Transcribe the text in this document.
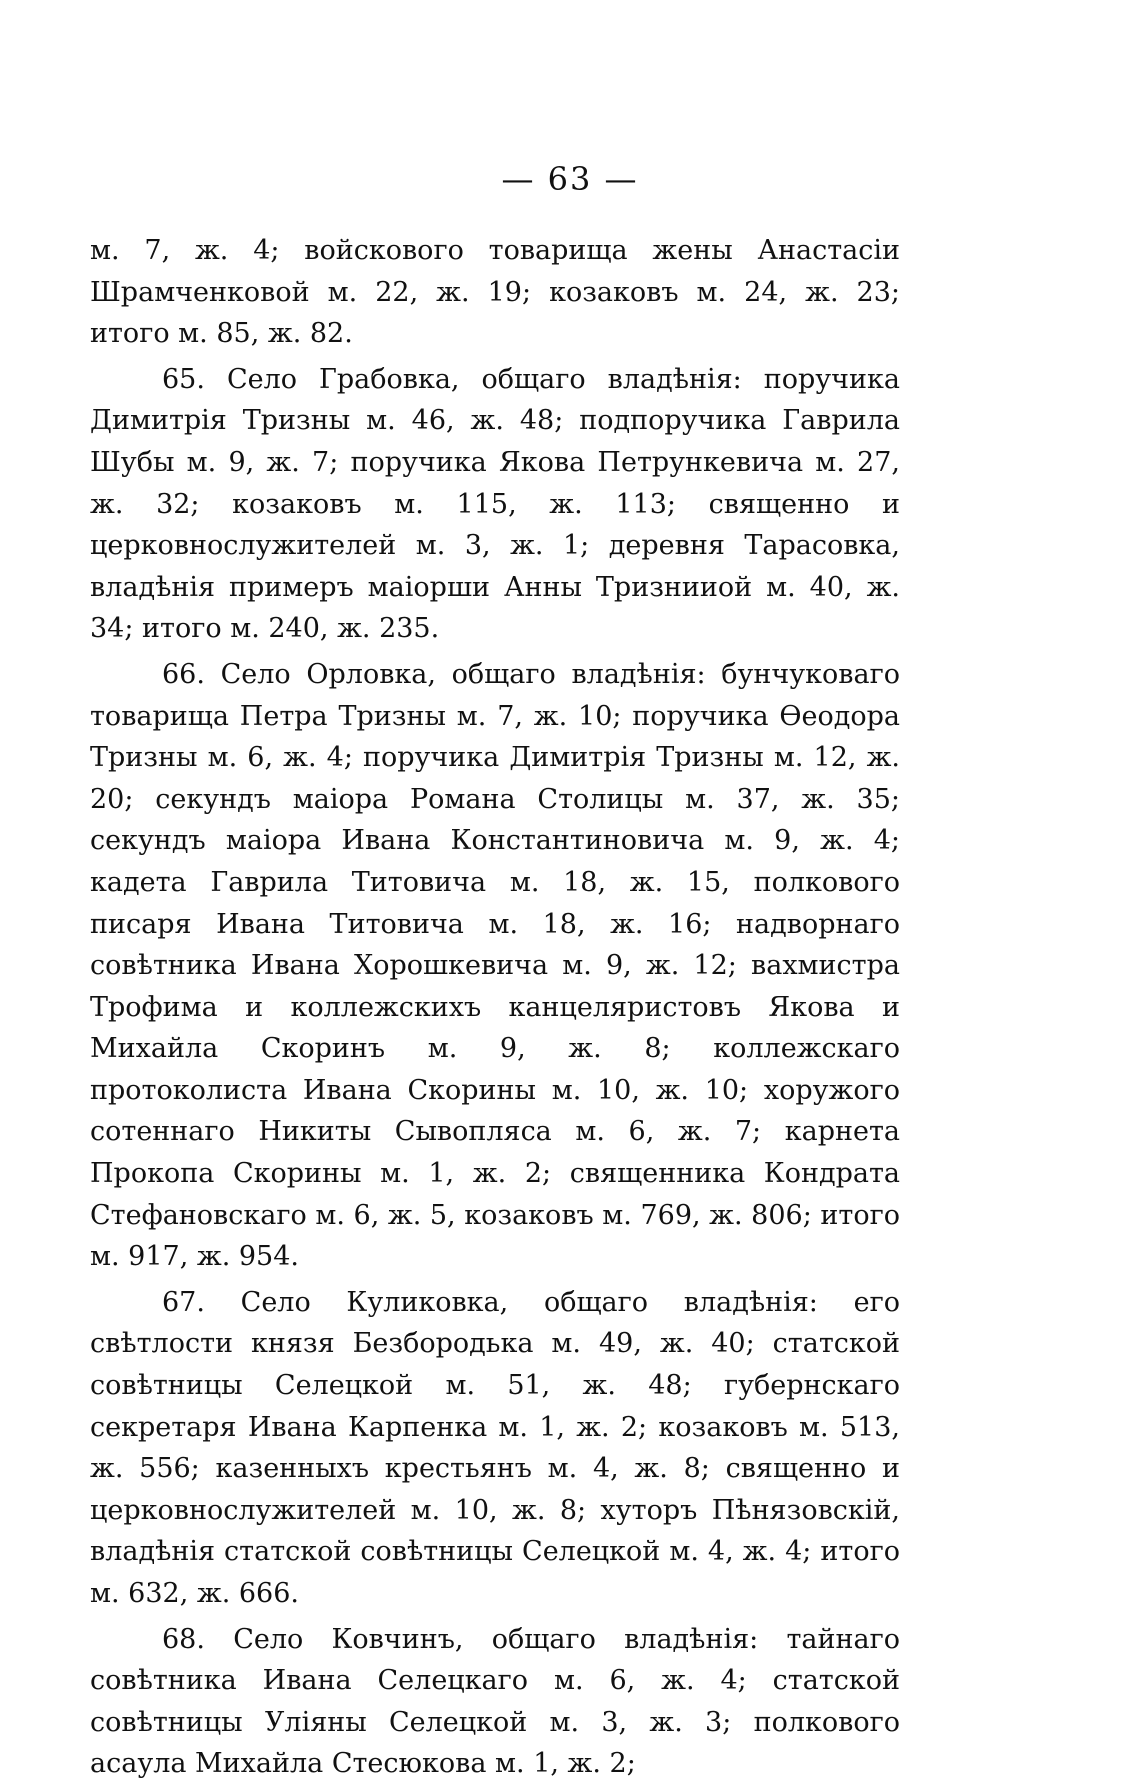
— 63 —

м. 7, ж. 4; войскового товарища жены Анастасіи Шрамченковой м. 22, ж. 19; козаковъ м. 24, ж. 23; итого м. 85, ж. 82.

65. Село Грабовка, общаго владѣнія: поручика Димитрія Тризны м. 46, ж. 48; подпоручика Гаврила Шубы м. 9, ж. 7; поручика Якова Петрункевича м. 27, ж. 32; козаковъ м. 115, ж. 113; священно и церковнослужителей м. 3, ж. 1; деревня Тарасовка, владѣнія примеръ маіорши Анны Тризнииой м. 40, ж. 34; итого м. 240, ж. 235.

66. Село Орловка, общаго владѣнія: бунчуковаго товарища Петра Тризны м. 7, ж. 10; поручика Ѳеодора Тризны м. 6, ж. 4; поручика Димитрія Тризны м. 12, ж. 20; секундъ маіора Романа Столицы м. 37, ж. 35; секундъ маіора Ивана Константиновича м. 9, ж. 4; кадета Гаврила Титовича м. 18, ж. 15, полкового писаря Ивана Титовича м. 18, ж. 16; надворнаго совѣтника Ивана Хорошкевича м. 9, ж. 12; вахмистра Трофима и коллежскихъ канцеляристовъ Якова и Михайла Скоринъ м. 9, ж. 8; коллежскаго протоколиста Ивана Скорины м. 10, ж. 10; хоружого сотеннаго Никиты Сывопляса м. 6, ж. 7; карнета Прокопа Скорины м. 1, ж. 2; священника Кондрата Стефановскаго м. 6, ж. 5, козаковъ м. 769, ж. 806; итого м. 917, ж. 954.

67. Село Куликовка, общаго владѣнія: его свѣтлости князя Безбородька м. 49, ж. 40; статской совѣтницы Селецкой м. 51, ж. 48; губернскаго секретаря Ивана Карпенка м. 1, ж. 2; козаковъ м. 513, ж. 556; казенныхъ крестьянъ м. 4, ж. 8; священно и церковнослужителей м. 10, ж. 8; хуторъ Пѣнязовскій, владѣнія статской совѣтницы Селецкой м. 4, ж. 4; итого м. 632, ж. 666.

68. Село Ковчинъ, общаго владѣнія: тайнаго совѣтника Ивана Селецкаго м. 6, ж. 4; статской совѣтницы Уліяны Селецкой м. 3, ж. 3; полкового асаула Михайла Стесюкова м. 1, ж. 2;
